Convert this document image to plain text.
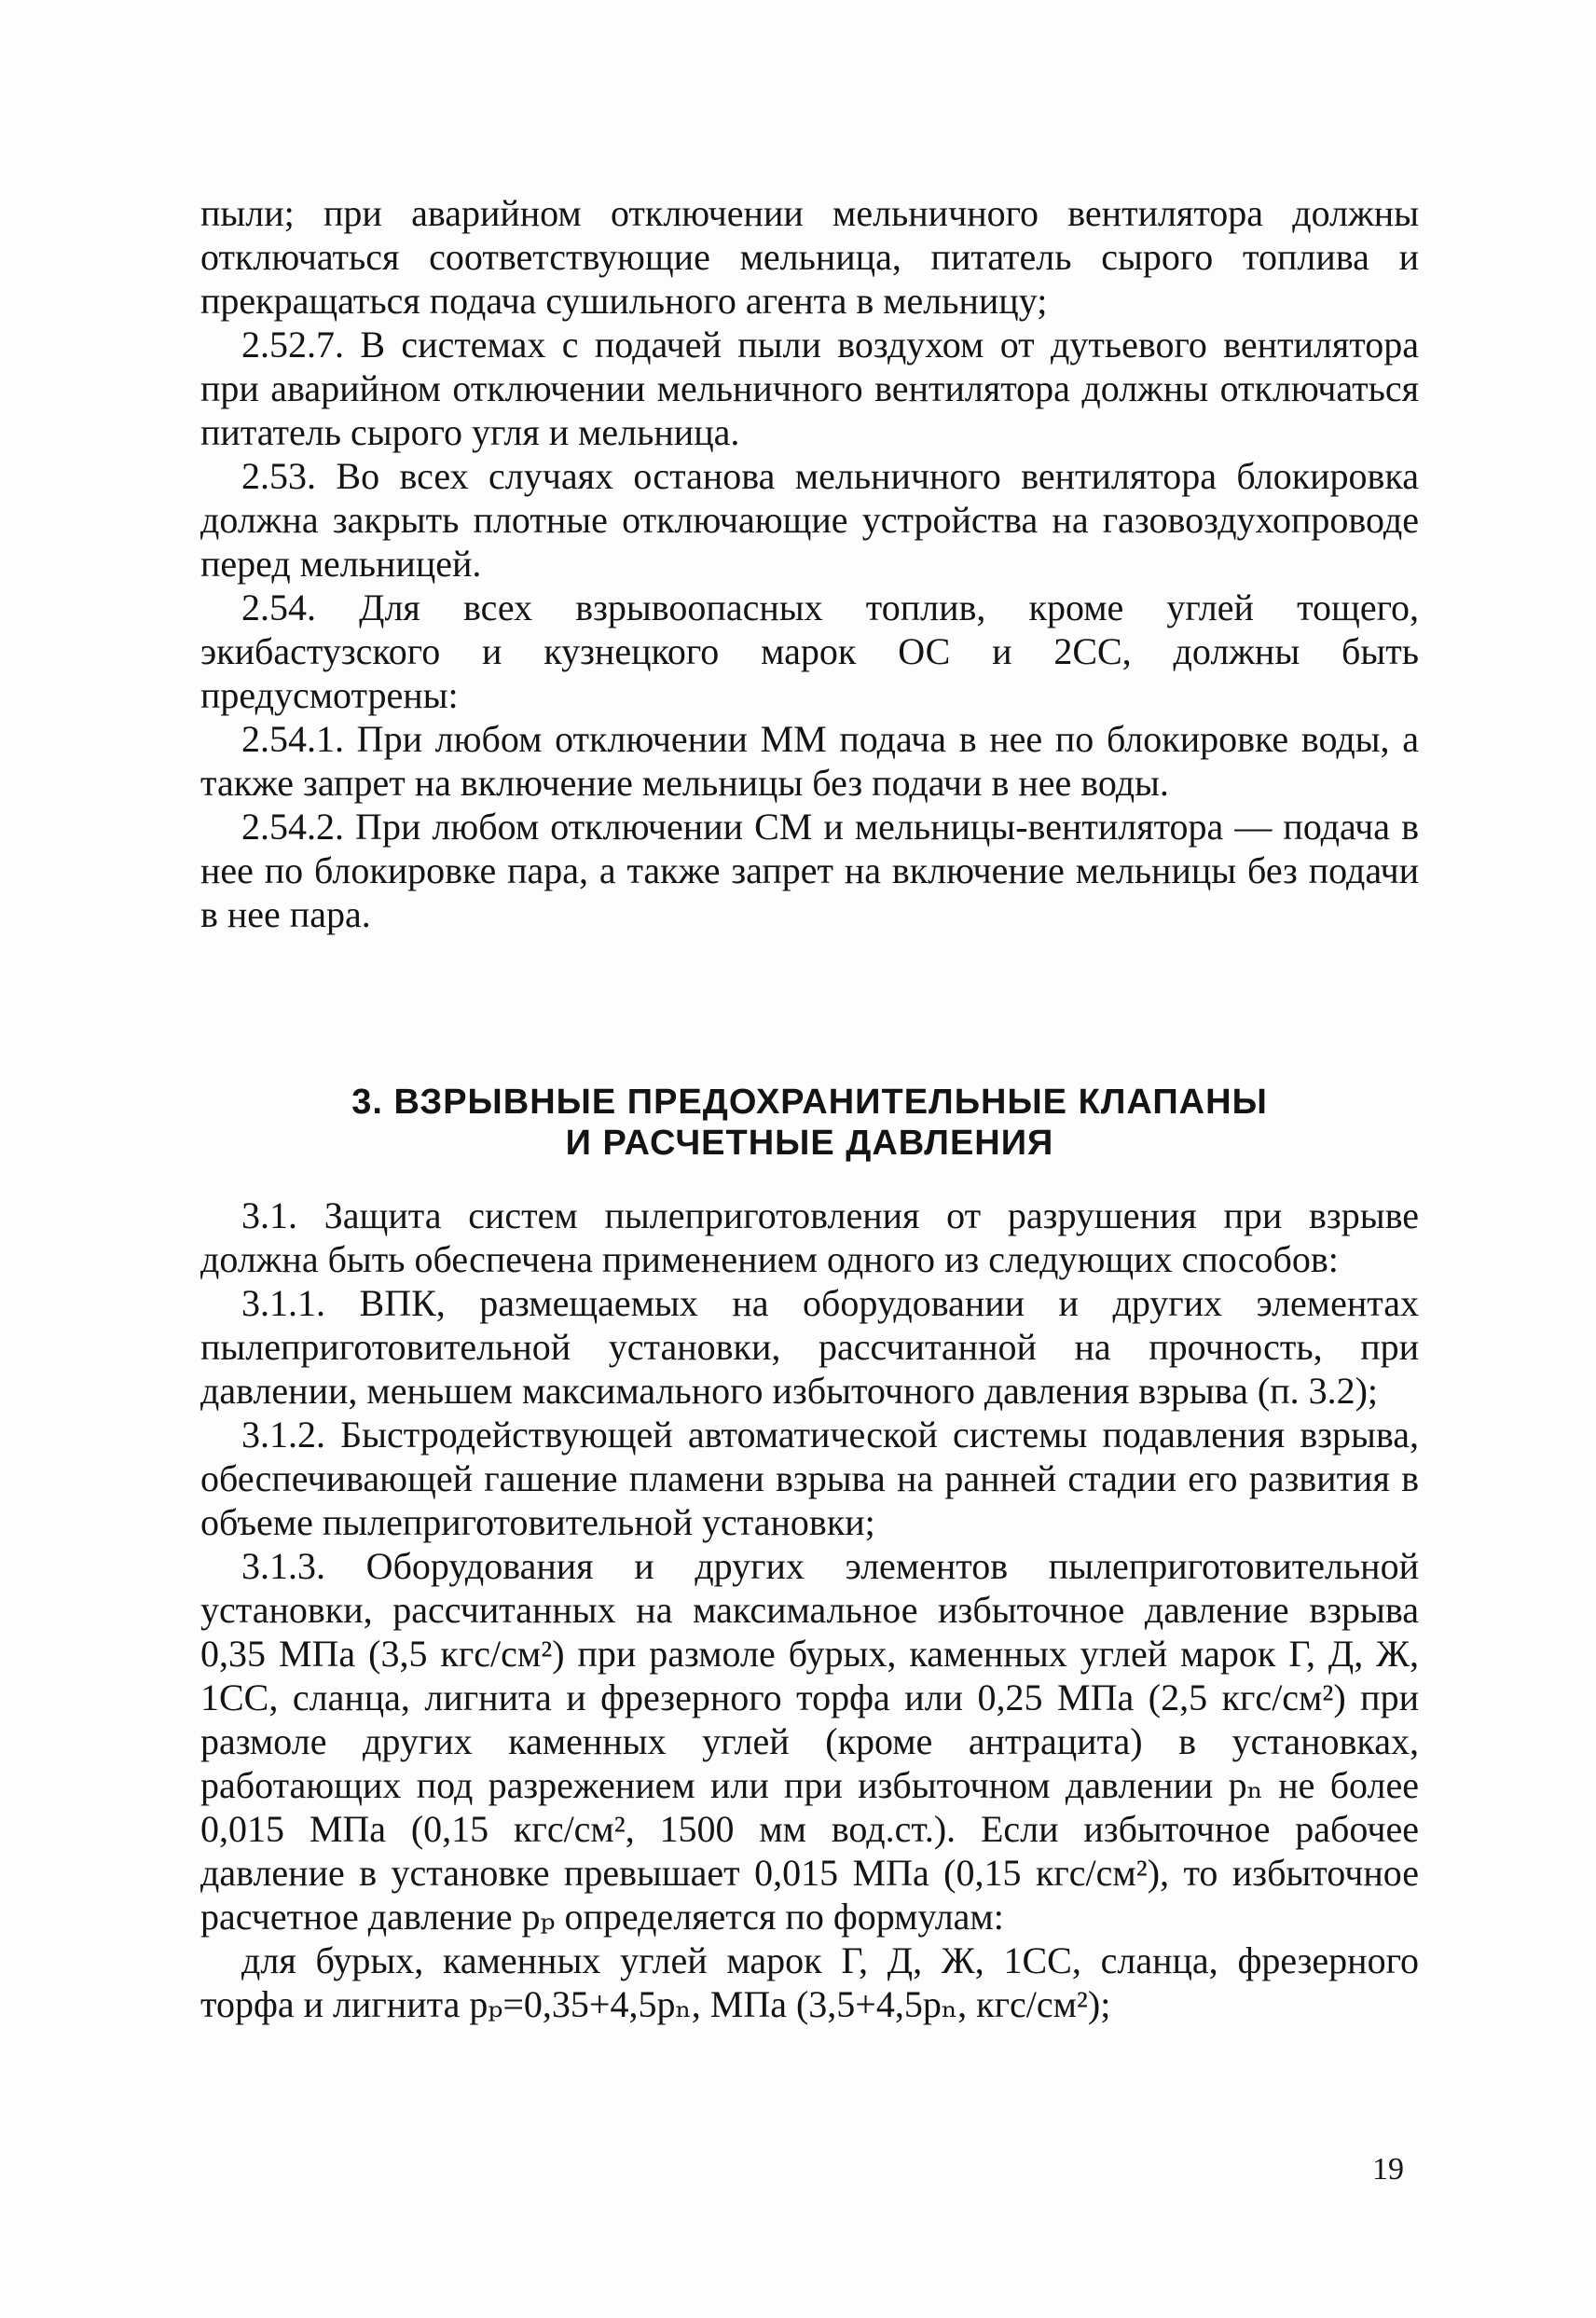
пыли; при аварийном отключении мельничного вентилятора должны отключаться соответствующие мельница, питатель сырого топлива и прекращаться подача сушильного агента в мельницу;

2.52.7. В системах с подачей пыли воздухом от дутьевого вентилятора при аварийном отключении мельничного вентилятора должны отключаться питатель сырого угля и мельница.

2.53. Во всех случаях останова мельничного вентилятора блокировка должна закрыть плотные отключающие устройства на газовоздухопроводе перед мельницей.

2.54. Для всех взрывоопасных топлив, кроме углей тощего, экибастузского и кузнецкого марок ОС и 2СС, должны быть предусмотрены:

2.54.1. При любом отключении ММ подача в нее по блокировке воды, а также запрет на включение мельницы без подачи в нее воды.

2.54.2. При любом отключении СМ и мельницы-вентилятора — подача в нее по блокировке пара, а также запрет на включение мельницы без подачи в нее пара.

3. ВЗРЫВНЫЕ ПРЕДОХРАНИТЕЛЬНЫЕ КЛАПАНЫ
И РАСЧЕТНЫЕ ДАВЛЕНИЯ

3.1. Защита систем пылеприготовления от разрушения при взрыве должна быть обеспечена применением одного из следующих способов:

3.1.1. ВПК, размещаемых на оборудовании и других элементах пылеприготовительной установки, рассчитанной на прочность, при давлении, меньшем максимального избыточного давления взрыва (п. 3.2);

3.1.2. Быстродействующей автоматической системы подавления взрыва, обеспечивающей гашение пламени взрыва на ранней стадии его развития в объеме пылеприготовительной установки;

3.1.3. Оборудования и других элементов пылеприготовительной установки, рассчитанных на максимальное избыточное давление взрыва 0,35 МПа (3,5 кгс/см²) при размоле бурых, каменных углей марок Г, Д, Ж, 1СС, сланца, лигнита и фрезерного торфа или 0,25 МПа (2,5 кгс/см²) при размоле других каменных углей (кроме антрацита) в установках, работающих под разрежением или при избыточном давлении pₙ не более 0,015 МПа (0,15 кгс/см², 1500 мм вод.ст.). Если избыточное рабочее давление в установке превышает 0,015 МПа (0,15 кгс/см²), то избыточное расчетное давление pₚ определяется по формулам:

для бурых, каменных углей марок Г, Д, Ж, 1СС, сланца, фрезерного торфа и лигнита pₚ=0,35+4,5pₙ, МПа (3,5+4,5pₙ, кгс/см²);

19
